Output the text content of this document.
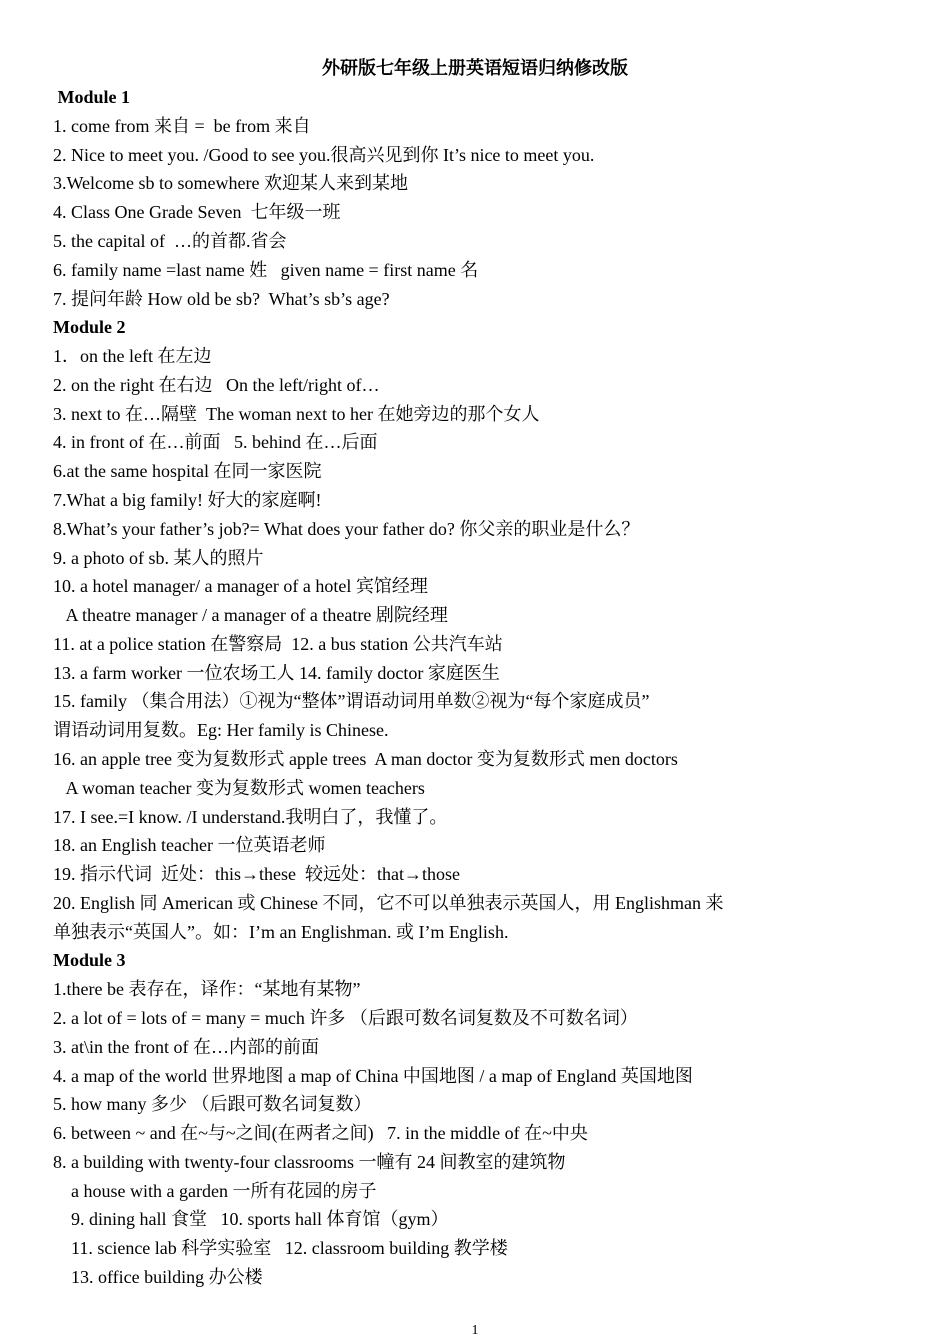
外研版七年级上册英语短语归纳修改版
Module 1
1. come from 来自 =  be from 来自
2. Nice to meet you. /Good to see you.很高兴见到你 It’s nice to meet you.
3.Welcome sb to somewhere 欢迎某人来到某地
4. Class One Grade Seven  七年级一班
5. the capital of  …的首都.省会
6. family name =last name 姓   given name = first name 名
7. 提问年龄 How old be sb?  What’s sb’s age?
Module 2
1．on the left 在左边
2. on the right 在右边   On the left/right of…
3. next to 在…隔壁  The woman next to her 在她旁边的那个女人
4. in front of 在…前面   5. behind 在…后面
6.at the same hospital 在同一家医院
7.What a big family! 好大的家庭啊!
8.What’s your father’s job?= What does your father do? 你父亲的职业是什么？
9. a photo of sb. 某人的照片
10. a hotel manager/ a manager of a hotel 宾馆经理
A theatre manager / a manager of a theatre 剧院经理
11. at a police station 在警察局  12. a bus station 公共汽车站
13. a farm worker 一位农场工人 14. family doctor 家庭医生
15. family （集合用法）①视为“整体”谓语动词用单数②视为“每个家庭成员”
谓语动词用复数。Eg: Her family is Chinese.
16. an apple tree 变为复数形式 apple trees  A man doctor 变为复数形式 men doctors
A woman teacher 变为复数形式 women teachers
17. I see.=I know. /I understand.我明白了，我懂了。
18. an English teacher 一位英语老师
19. 指示代词  近处：this→these  较远处：that→those
20. English 同 American 或 Chinese 不同，它不可以单独表示英国人，用 Englishman 来
单独表示“英国人”。如：I’m an Englishman. 或 I’m English.
Module 3
1.there be 表存在，译作：“某地有某物”
2. a lot of = lots of = many = much 许多 （后跟可数名词复数及不可数名词）
3. at\in the front of 在…内部的前面
4. a map of the world 世界地图 a map of China 中国地图 / a map of England 英国地图
5. how many 多少 （后跟可数名词复数）
6. between ~ and 在~与~之间(在两者之间)   7. in the middle of 在~中央
8. a building with twenty-four classrooms 一幢有 24 间教室的建筑物
a house with a garden 一所有花园的房子
9. dining hall 食堂   10. sports hall 体育馆（gym）
11. science lab 科学实验室   12. classroom building 教学楼
13. office building 办公楼
1
